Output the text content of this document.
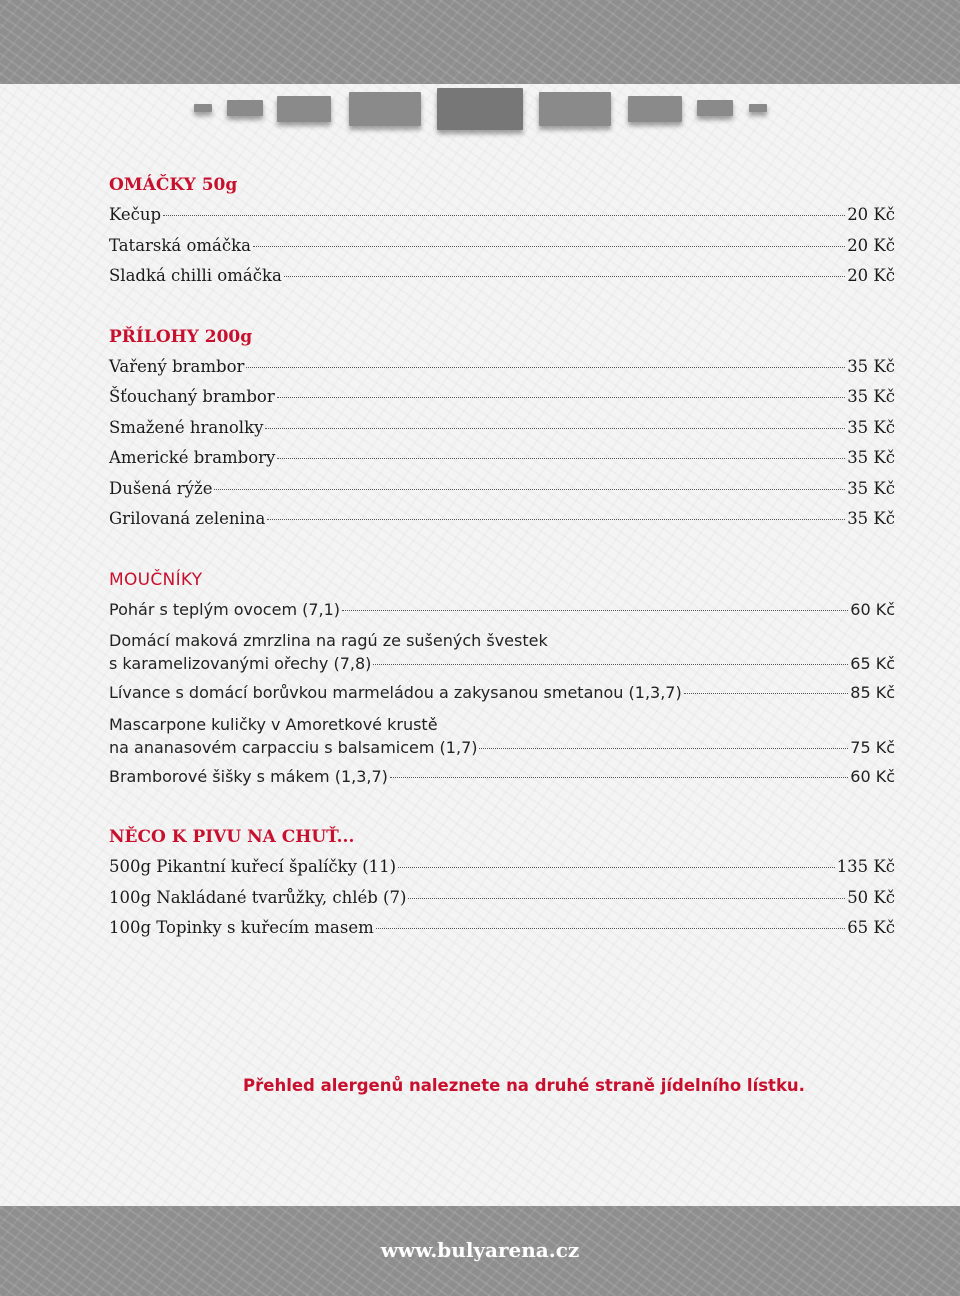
OMÁČKY 50g
Kečup	20 Kč
Tatarská omáčka	20 Kč
Sladká chilli omáčka	20 Kč
PŘÍLOHY 200g
Vařený brambor	35 Kč
Šťouchaný brambor	35 Kč
Smažené hranolky	35 Kč
Americké brambory	35 Kč
Dušená rýže	35 Kč
Grilovaná zelenina	35 Kč
MOUČNÍKY
Pohár s teplým ovocem (7,1)	60 Kč
Domácí maková zmrzlina na ragú ze sušených švestek
s karamelizovanými ořechy (7,8)	65 Kč
Lívance s domácí borůvkou marmeládou a zakysanou smetanou (1,3,7)	85 Kč
Mascarpone kuličky v Amoretkové krustě
na ananasovém carpacciu s balsamicem (1,7)	75 Kč
Bramborové šišky s mákem (1,3,7)	60 Kč
NĚCO K PIVU NA CHUŤ...
500g Pikantní kuřecí špalíčky (11)	135 Kč
100g Nakládané tvarůžky, chléb (7)	50 Kč
100g Topinky s kuřecím masem	65 Kč
Přehled alergenů naleznete na druhé straně jídelního lístku.
www.bulyarena.cz
